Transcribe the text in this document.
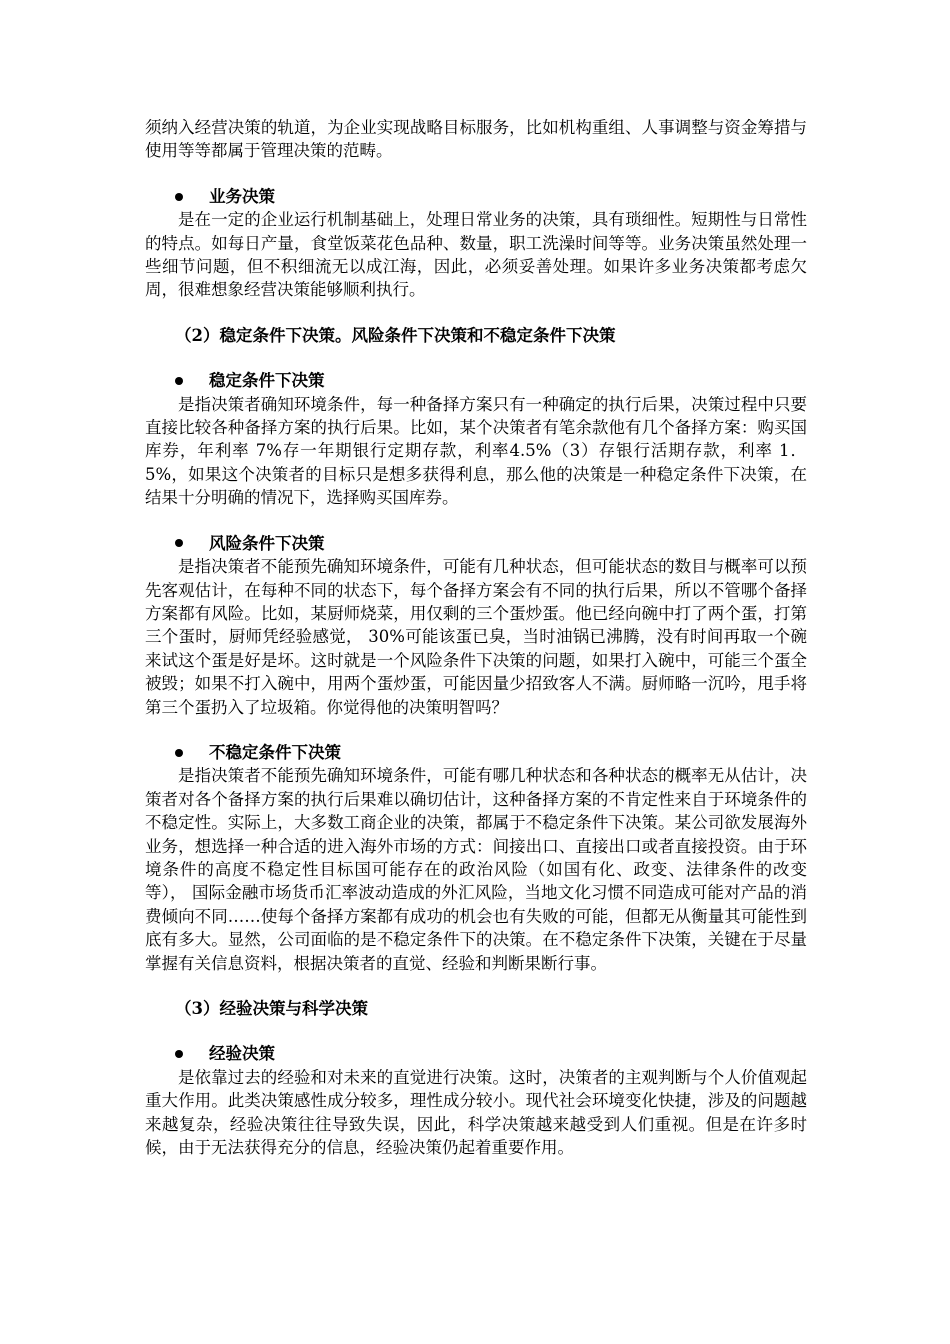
须纳入经营决策的轨道，为企业实现战略目标服务，比如机构重组、人事调整与资金筹措与使用等等都属于管理决策的范畴。

业务决策

是在一定的企业运行机制基础上，处理日常业务的决策，具有琐细性。短期性与日常性的特点。如每日产量，食堂饭菜花色品种、数量，职工洗澡时间等等。业务决策虽然处理一些细节问题，但不积细流无以成江海，因此，必须妥善处理。如果许多业务决策都考虑欠周，很难想象经营决策能够顺利执行。

（2）稳定条件下决策。风险条件下决策和不稳定条件下决策

稳定条件下决策

是指决策者确知环境条件，每一种备择方案只有一种确定的执行后果，决策过程中只要直接比较各种备择方案的执行后果。比如，某个决策者有笔余款他有几个备择方案：购买国库券，年利率 7%存一年期银行定期存款，利率4.5%（3）存银行活期存款，利率 1．5%，如果这个决策者的目标只是想多获得利息，那么他的决策是一种稳定条件下决策，在结果十分明确的情况下，选择购买国库券。

风险条件下决策

是指决策者不能预先确知环境条件，可能有几种状态，但可能状态的数目与概率可以预先客观估计，在每种不同的状态下，每个备择方案会有不同的执行后果，所以不管哪个备择方案都有风险。比如，某厨师烧菜，用仅剩的三个蛋炒蛋。他已经向碗中打了两个蛋，打第三个蛋时，厨师凭经验感觉， 30%可能该蛋已臭，当时油锅已沸腾，没有时间再取一个碗来试这个蛋是好是坏。这时就是一个风险条件下决策的问题，如果打入碗中，可能三个蛋全被毁；如果不打入碗中，用两个蛋炒蛋，可能因量少招致客人不满。厨师略一沉吟，甩手将第三个蛋扔入了垃圾箱。你觉得他的决策明智吗？

不稳定条件下决策

是指决策者不能预先确知环境条件，可能有哪几种状态和各种状态的概率无从估计，决策者对各个备择方案的执行后果难以确切估计，这种备择方案的不肯定性来自于环境条件的不稳定性。实际上，大多数工商企业的决策，都属于不稳定条件下决策。某公司欲发展海外业务，想选择一种合适的进入海外市场的方式：间接出口、直接出口或者直接投资。由于环境条件的高度不稳定性目标国可能存在的政治风险（如国有化、政变、法律条件的改变等）， 国际金融市场货币汇率波动造成的外汇风险，当地文化习惯不同造成可能对产品的消费倾向不同……使每个备择方案都有成功的机会也有失败的可能，但都无从衡量其可能性到底有多大。显然，公司面临的是不稳定条件下的决策。在不稳定条件下决策，关键在于尽量掌握有关信息资料，根据决策者的直觉、经验和判断果断行事。

（3）经验决策与科学决策

经验决策

是依靠过去的经验和对未来的直觉进行决策。这时，决策者的主观判断与个人价值观起重大作用。此类决策感性成分较多，理性成分较小。现代社会环境变化快捷，涉及的问题越来越复杂，经验决策往往导致失误，因此，科学决策越来越受到人们重视。但是在许多时候，由于无法获得充分的信息，经验决策仍起着重要作用。
